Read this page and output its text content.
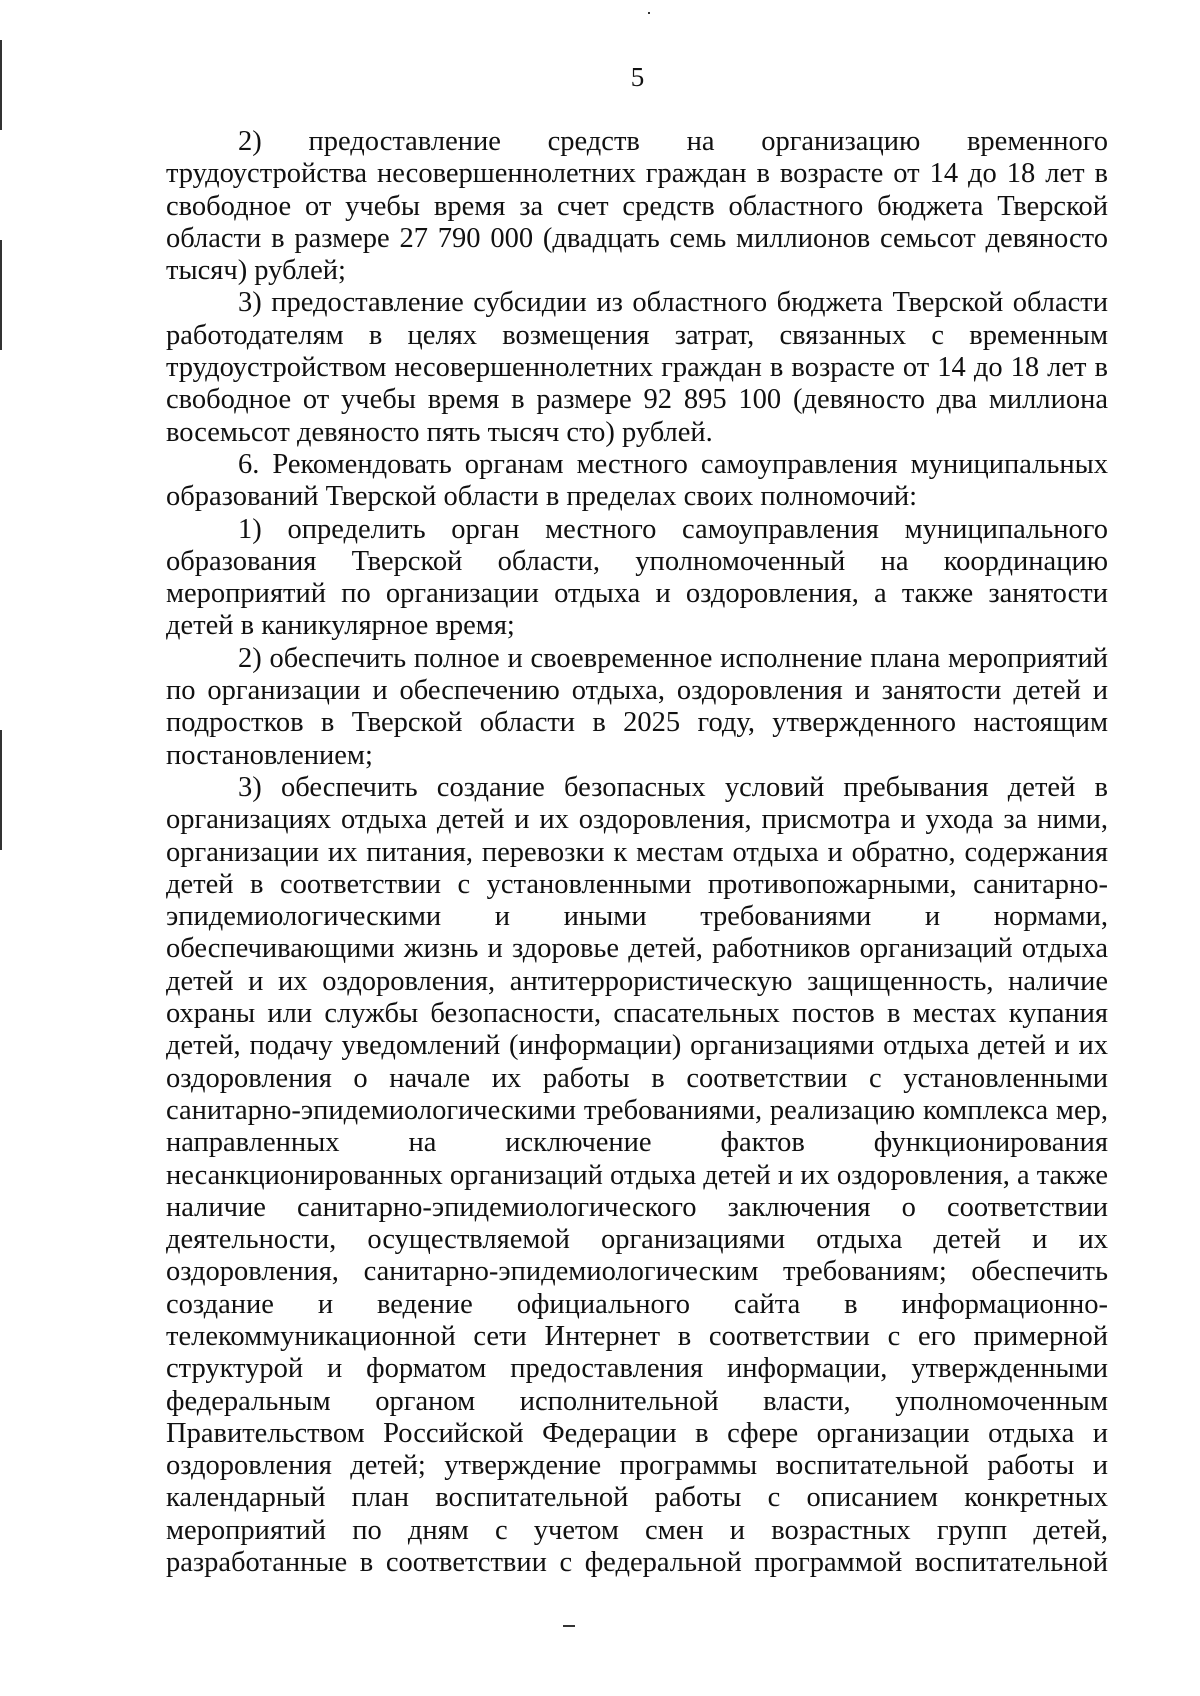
5

2) предоставление средств на организацию временного трудоустройства несовершеннолетних граждан в возрасте от 14 до 18 лет в свободное от учебы время за счет средств областного бюджета Тверской области в размере 27 790 000 (двадцать семь миллионов семьсот девяносто тысяч) рублей;

3) предоставление субсидии из областного бюджета Тверской области работодателям в целях возмещения затрат, связанных с временным трудоустройством несовершеннолетних граждан в возрасте от 14 до 18 лет в свободное от учебы время в размере 92 895 100 (девяносто два миллиона восемьсот девяносто пять тысяч сто) рублей.

6. Рекомендовать органам местного самоуправления муниципальных образований Тверской области в пределах своих полномочий:

1) определить орган местного самоуправления муниципального образования Тверской области, уполномоченный на координацию мероприятий по организации отдыха и оздоровления, а также занятости детей в каникулярное время;

2) обеспечить полное и своевременное исполнение плана мероприятий по организации и обеспечению отдыха, оздоровления и занятости детей и подростков в Тверской области в 2025 году, утвержденного настоящим постановлением;

3) обеспечить создание безопасных условий пребывания детей в организациях отдыха детей и их оздоровления, присмотра и ухода за ними, организации их питания, перевозки к местам отдыха и обратно, содержания детей в соответствии с установленными противопожарными, санитарно-эпидемиологическими и иными требованиями и нормами, обеспечивающими жизнь и здоровье детей, работников организаций отдыха детей и их оздоровления, антитеррористическую защищенность, наличие охраны или службы безопасности, спасательных постов в местах купания детей, подачу уведомлений (информации) организациями отдыха детей и их оздоровления о начале их работы в соответствии с установленными санитарно-эпидемиологическими требованиями, реализацию комплекса мер, направленных на исключение фактов функционирования несанкционированных организаций отдыха детей и их оздоровления, а также наличие санитарно-эпидемиологического заключения о соответствии деятельности, осуществляемой организациями отдыха детей и их оздоровления, санитарно-эпидемиологическим требованиям; обеспечить создание и ведение официального сайта в информационно-телекоммуникационной сети Интернет в соответствии с его примерной структурой и форматом предоставления информации, утвержденными федеральным органом исполнительной власти, уполномоченным Правительством Российской Федерации в сфере организации отдыха и оздоровления детей; утверждение программы воспитательной работы и календарный план воспитательной работы с описанием конкретных мероприятий по дням с учетом смен и возрастных групп детей, разработанные в соответствии с федеральной программой воспитательной
